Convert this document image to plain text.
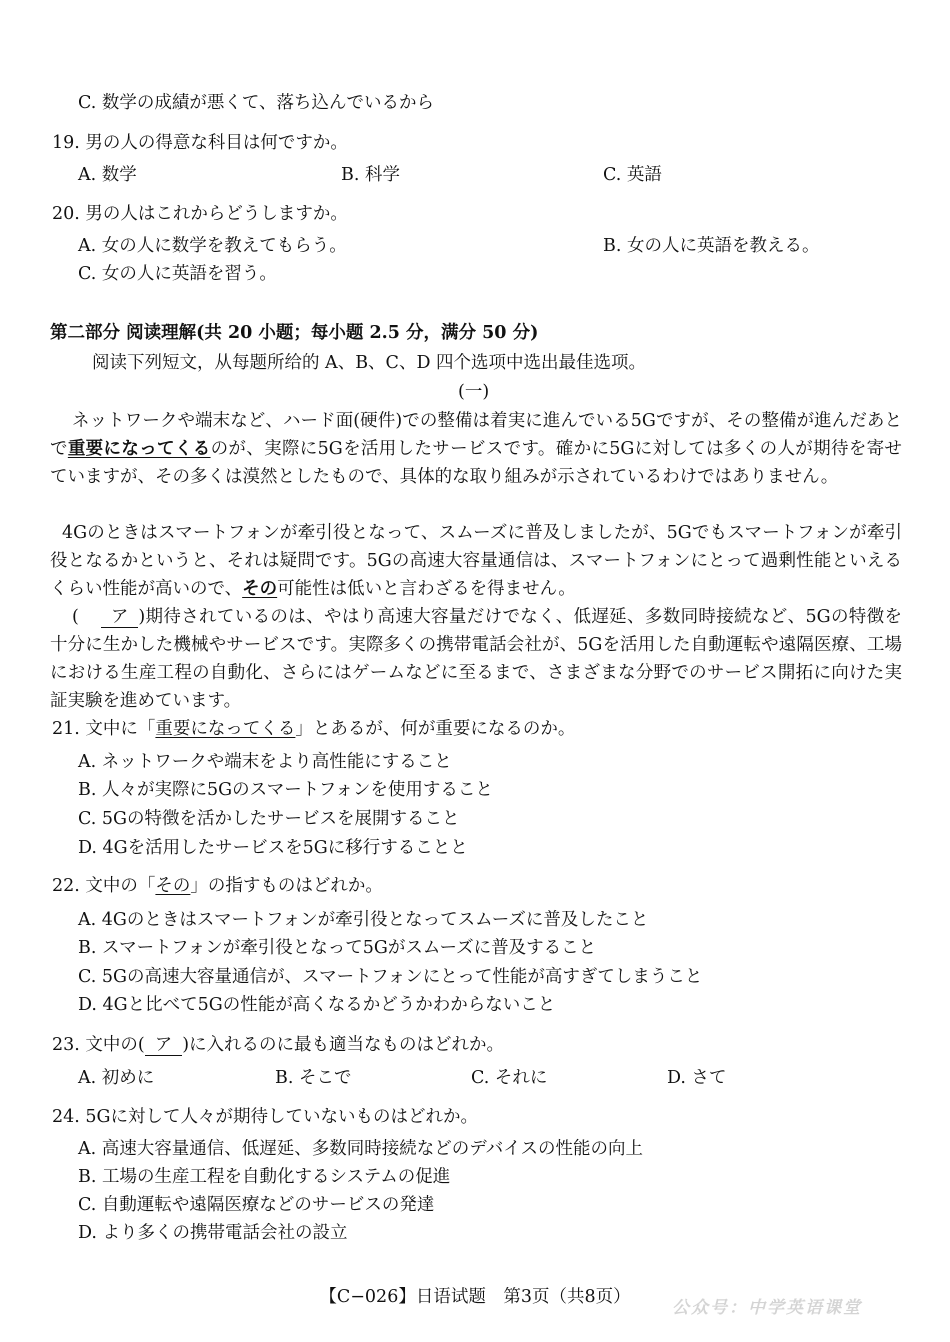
C. 数学の成績が悪くて、落ち込んでいるから
19. 男の人の得意な科目は何ですか。
A. 数学	B. 科学	C. 英語
20. 男の人はこれからどうしますか。
A. 女の人に数学を教えてもらう。	B. 女の人に英語を教える。
C. 女の人に英語を習う。
第二部分 阅读理解(共 20 小题；每小题 2.5 分，满分 50 分)
阅读下列短文，从每题所给的 A、B、C、D 四个选项中选出最佳选项。
(一)
ネットワークや端末など、ハード面(硬件)での整備は着実に進んでいる5Gですが、その整備が進んだあとで重要になってくるのが、実際に5Gを活用したサービスです。確かに5Gに対しては多くの人が期待を寄せていますが、その多くは漠然としたもので、具体的な取り組みが示されているわけではありません。
4Gのときはスマートフォンが牽引役となって、スムーズに普及しましたが、5Gでもスマートフォンが牽引役となるかというと、それは疑問です。5Gの高速大容量通信は、スマートフォンにとって過剰性能といえるくらい性能が高いので、その可能性は低いと言わざるを得ません。
( ア )期待されているのは、やはり高速大容量だけでなく、低遅延、多数同時接続など、5Gの特徴を十分に生かした機械やサービスです。実際多くの携帯電話会社が、5Gを活用した自動運転や遠隔医療、工場における生産工程の自動化、さらにはゲームなどに至るまで、さまざまな分野でのサービス開拓に向けた実証実験を進めています。
21. 文中に「重要になってくる」とあるが、何が重要になるのか。
A. ネットワークや端末をより高性能にすること
B. 人々が実際に5Gのスマートフォンを使用すること
C. 5Gの特徴を活かしたサービスを展開すること
D. 4Gを活用したサービスを5Gに移行することと
22. 文中の「その」の指すものはどれか。
A. 4Gのときはスマートフォンが牽引役となってスムーズに普及したこと
B. スマートフォンが牽引役となって5Gがスムーズに普及すること
C. 5Gの高速大容量通信が、スマートフォンにとって性能が高すぎてしまうこと
D. 4Gと比べて5Gの性能が高くなるかどうかわからないこと
23. 文中の( ア )に入れるのに最も適当なものはどれか。
A. 初めに	B. そこで	C. それに	D. さて
24. 5Gに対して人々が期待していないものはどれか。
A. 高速大容量通信、低遅延、多数同時接続などのデバイスの性能の向上
B. 工場の生産工程を自動化するシステムの促進
C. 自動運転や遠隔医療などのサービスの発達
D. より多くの携帯電話会社の設立
【C−026】日语试题　第3页（共8页）
公众号：中学英语课堂
